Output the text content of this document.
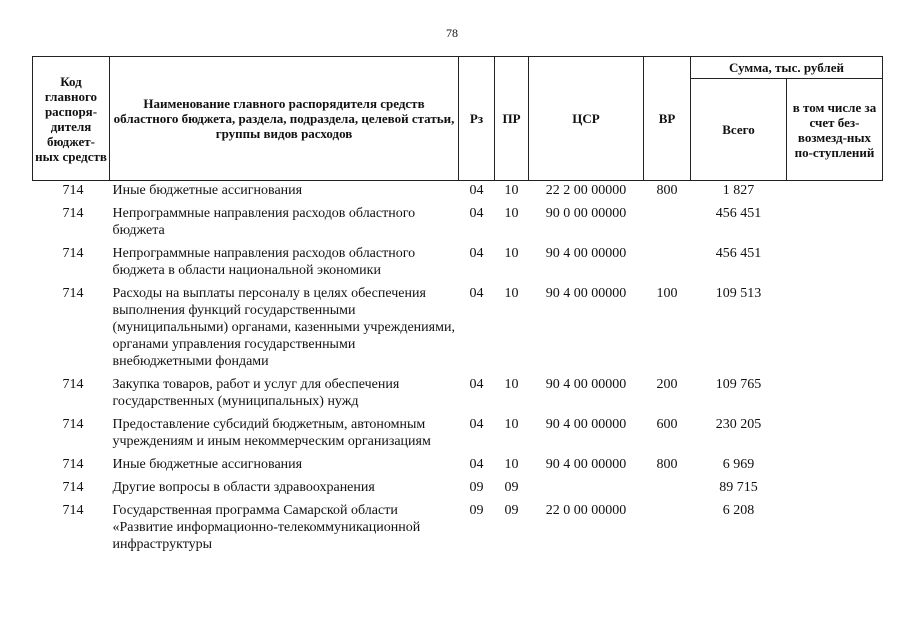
78
Код главного распоря-дителя бюджет-ных средств	Наименование главного распорядителя средств областного бюджета, раздела, подраздела, целевой статьи, группы видов расходов	Рз	ПР	ЦСР	ВР	Сумма, тыс. рублей	
						Всего	в том числе за счет без-возмезд-ных по-ступлений
714	Иные бюджетные ассигнования	04	10	22 2 00 00000	800	1 827	
714	Непрограммные направления расходов областного бюджета	04	10	90 0 00 00000		456 451	
714	Непрограммные направления расходов областного бюджета в области национальной экономики	04	10	90 4 00 00000		456 451	
714	Расходы на выплаты персоналу в целях обеспечения выполнения функций государственными (муниципальными) органами, казенными учреждениями, органами управления государственными внебюджетными фондами	04	10	90 4 00 00000	100	109 513	
714	Закупка товаров, работ и услуг для обеспечения государственных (муниципальных) нужд	04	10	90 4 00 00000	200	109 765	
714	Предоставление субсидий бюджетным, автономным учреждениям и иным некоммерческим организациям	04	10	90 4 00 00000	600	230 205	
714	Иные бюджетные ассигнования	04	10	90 4 00 00000	800	6 969	
714	Другие вопросы в области здравоохранения	09	09			89 715	
714	Государственная программа Самарской области «Развитие информационно-телекоммуникационной инфраструктуры	09	09	22 0 00 00000		6 208	
